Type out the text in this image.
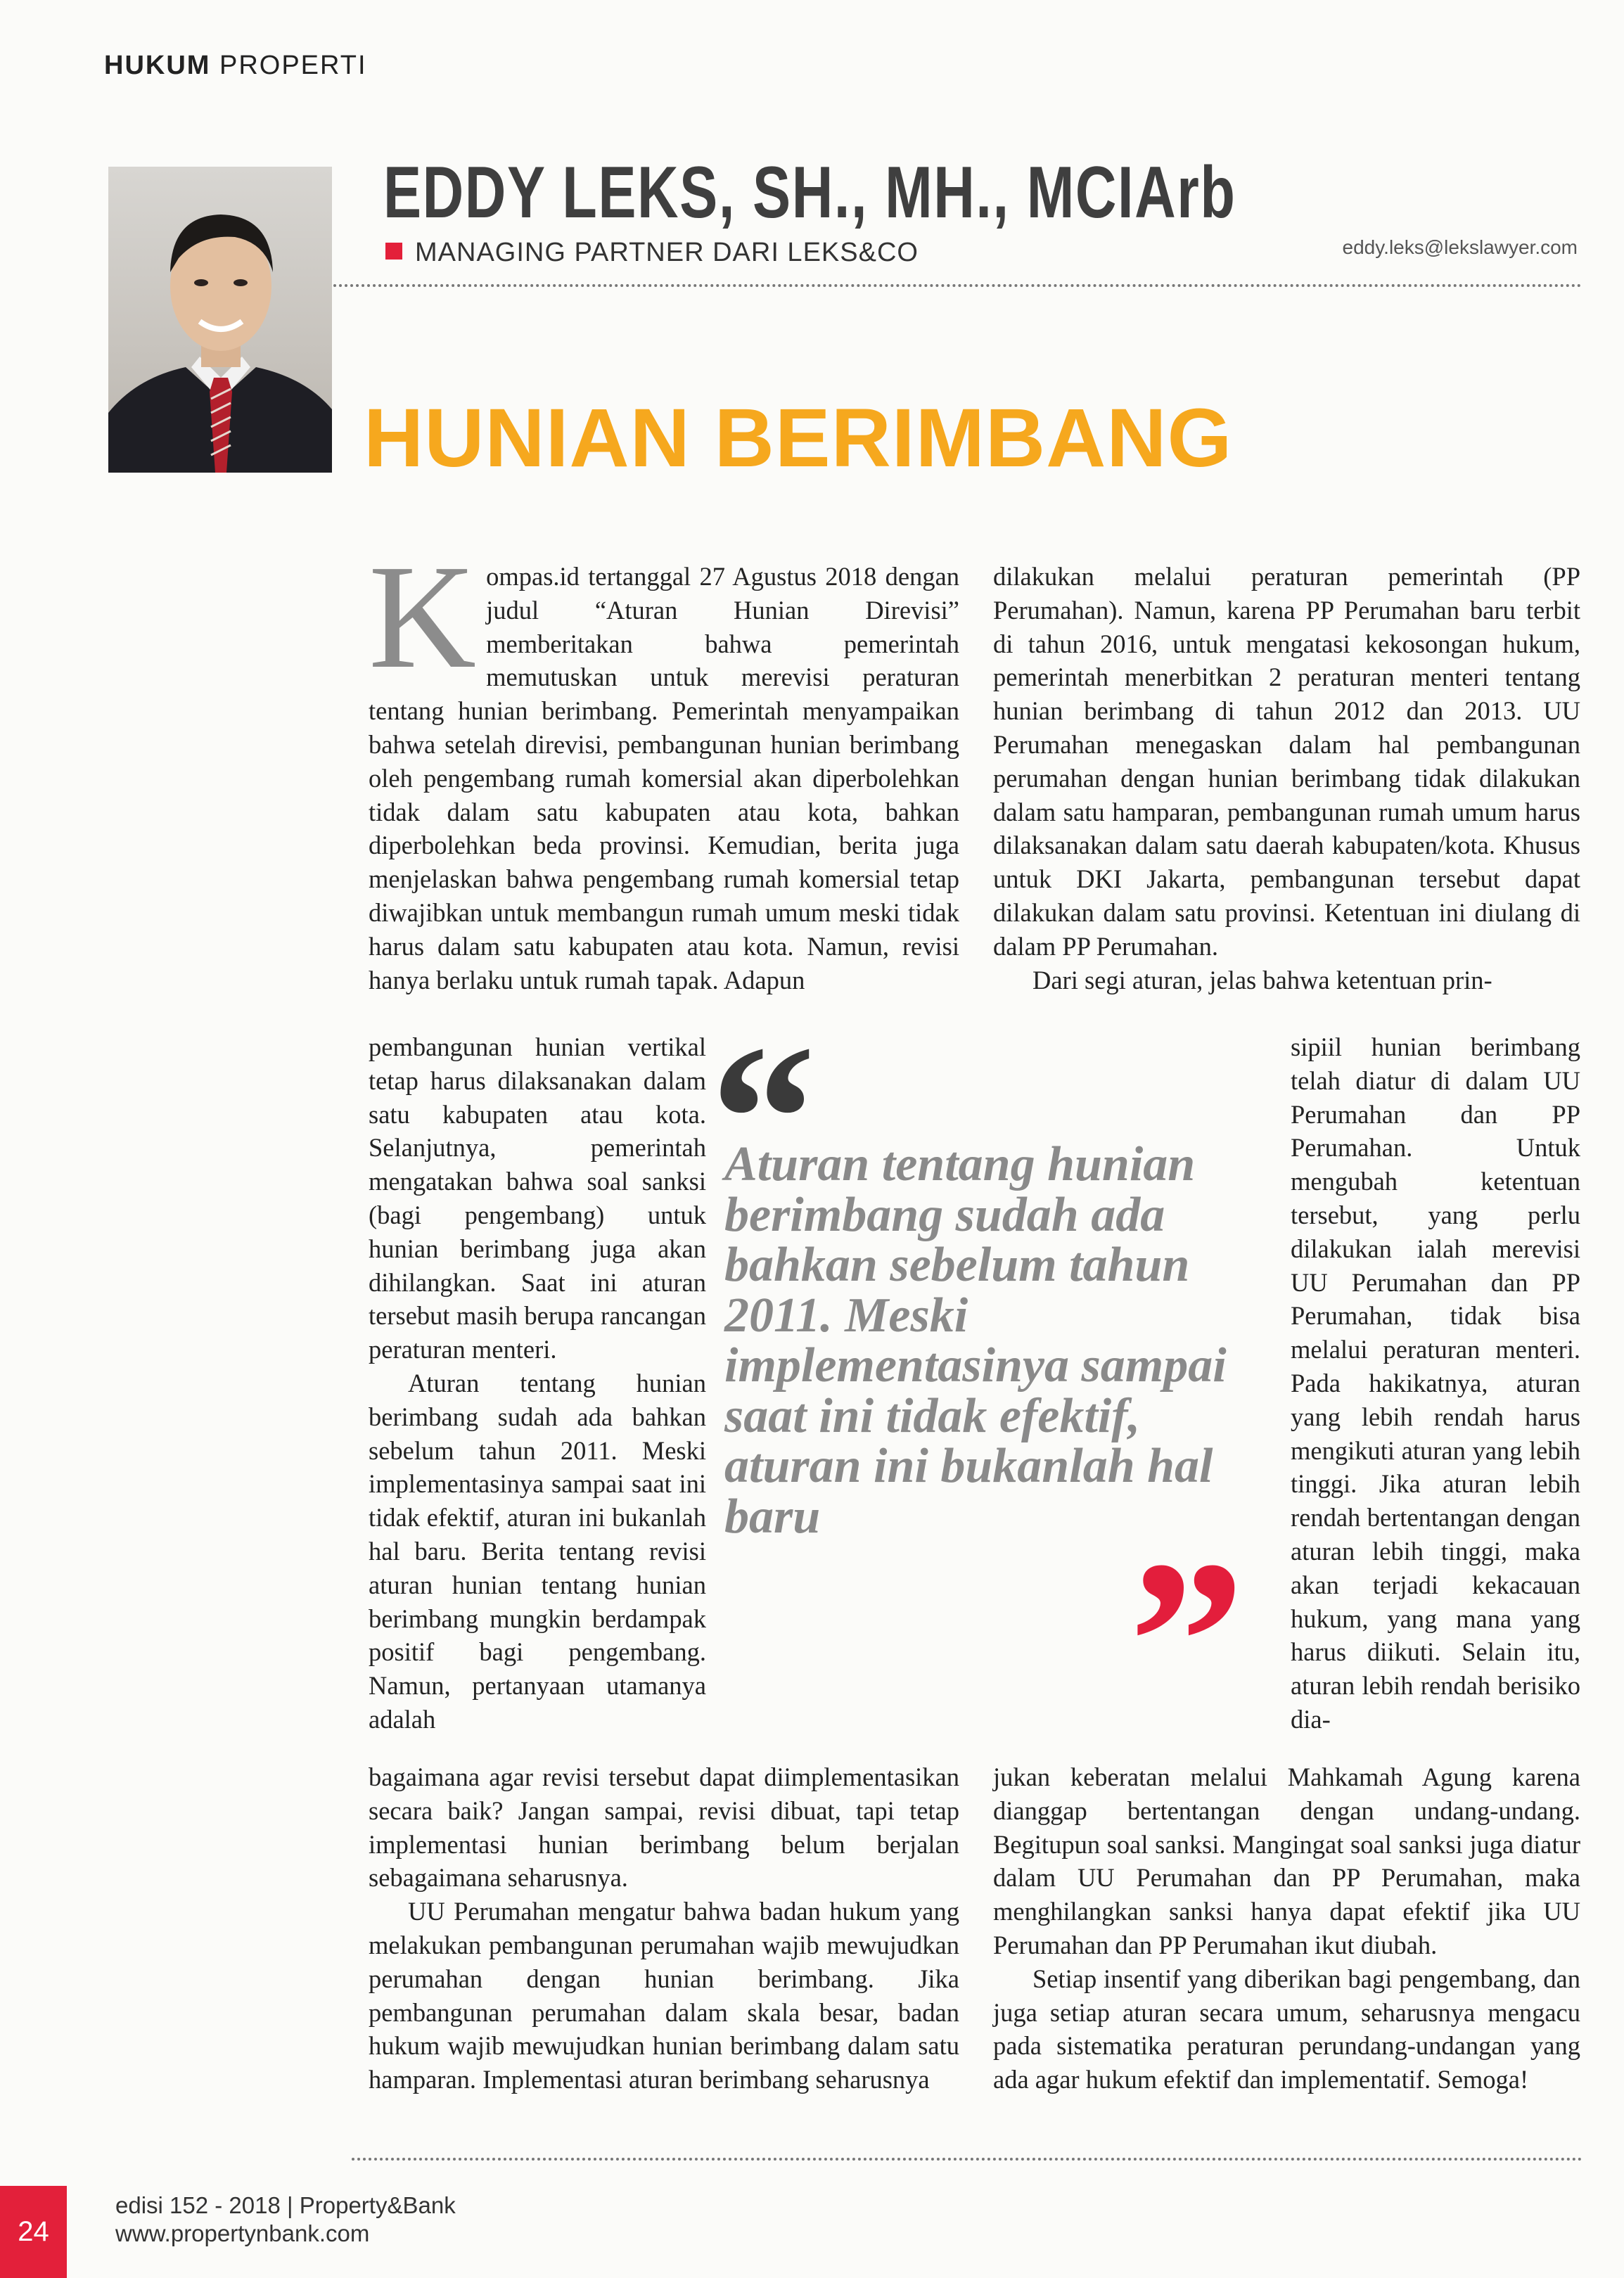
HUKUM PROPERTI
EDDY LEKS, SH., MH., MCIArb
MANAGING PARTNER DARI LEKS&CO	eddy.leks@lekslawyer.com
HUNIAN BERIMBANG

Kompas.id tertanggal 27 Agustus 2018 dengan judul “Aturan Hunian Direvisi” memberitakan bahwa pemerintah memutuskan untuk merevisi peraturan tentang hunian berimbang. Pemerintah menyampaikan bahwa setelah direvisi, pembangunan hunian berimbang oleh pengembang rumah komersial akan diperbolehkan tidak dalam satu kabupaten atau kota, bahkan diperbolehkan beda provinsi. Kemudian, berita juga menjelaskan bahwa pengembang rumah komersial tetap diwajibkan untuk membangun rumah umum meski tidak harus dalam satu kabupaten atau kota. Namun, revisi hanya berlaku untuk rumah tapak. Adapun

pembangunan hunian vertikal tetap harus dilaksanakan dalam satu kabupaten atau kota. Selanjutnya, pemerintah mengatakan bahwa soal sanksi (bagi pengembang) untuk hunian berimbang juga akan dihilangkan. Saat ini aturan tersebut masih berupa rancangan peraturan menteri.

Aturan tentang hunian berimbang sudah ada bahkan sebelum tahun 2011. Meski implementasinya sampai saat ini tidak efektif, aturan ini bukanlah hal baru. Berita tentang revisi aturan hunian tentang hunian berimbang mungkin berdampak positif bagi pengembang. Namun, pertanyaan utamanya adalah

bagaimana agar revisi tersebut dapat diimplementasikan secara baik? Jangan sampai, revisi dibuat, tapi tetap implementasi hunian berimbang belum berjalan sebagaimana seharusnya.

UU Perumahan mengatur bahwa badan hukum yang melakukan pembangunan perumahan wajib mewujudkan perumahan dengan hunian berimbang. Jika pembangunan perumahan dalam skala besar, badan hukum wajib mewujudkan hunian berimbang dalam satu hamparan. Implementasi aturan berimbang seharusnya

dilakukan melalui peraturan pemerintah (PP Perumahan). Namun, karena PP Perumahan baru terbit di tahun 2016, untuk mengatasi kekosongan hukum, pemerintah menerbitkan 2 peraturan menteri tentang hunian berimbang di tahun 2012 dan 2013. UU Perumahan menegaskan dalam hal pembangunan perumahan dengan hunian berimbang tidak dilakukan dalam satu hamparan, pembangunan rumah umum harus dilaksanakan dalam satu daerah kabupaten/kota. Khusus untuk DKI Jakarta, pembangunan tersebut dapat dilakukan dalam satu provinsi. Ketentuan ini diulang di dalam PP Perumahan.

Dari segi aturan, jelas bahwa ketentuan prin-

sipiil hunian berimbang telah diatur di dalam UU Perumahan dan PP Perumahan. Untuk mengubah ketentuan tersebut, yang perlu dilakukan ialah merevisi UU Perumahan dan PP Perumahan, tidak bisa melalui peraturan menteri. Pada hakikatnya, aturan yang lebih rendah harus mengikuti aturan yang lebih tinggi. Jika aturan lebih rendah bertentangan dengan aturan lebih tinggi, maka akan terjadi kekacauan hukum, yang mana yang harus diikuti. Selain itu, aturan lebih rendah berisiko dia-

jukan keberatan melalui Mahkamah Agung karena dianggap bertentangan dengan undang-undang. Begitupun soal sanksi. Mangingat soal sanksi juga diatur dalam UU Perumahan dan PP Perumahan, maka menghilangkan sanksi hanya dapat efektif jika UU Perumahan dan PP Perumahan ikut diubah.

Setiap insentif yang diberikan bagi pengembang, dan juga setiap aturan secara umum, seharusnya mengacu pada sistematika peraturan perundang-undangan yang ada agar hukum efektif dan implementatif. Semoga!

“
Aturan tentang hunian berimbang sudah ada bahkan sebelum tahun 2011. Meski implementasinya sampai saat ini tidak efektif, aturan ini bukanlah hal baru	”
24
edisi 152 - 2018 | Property&Bank
www.propertynbank.com
